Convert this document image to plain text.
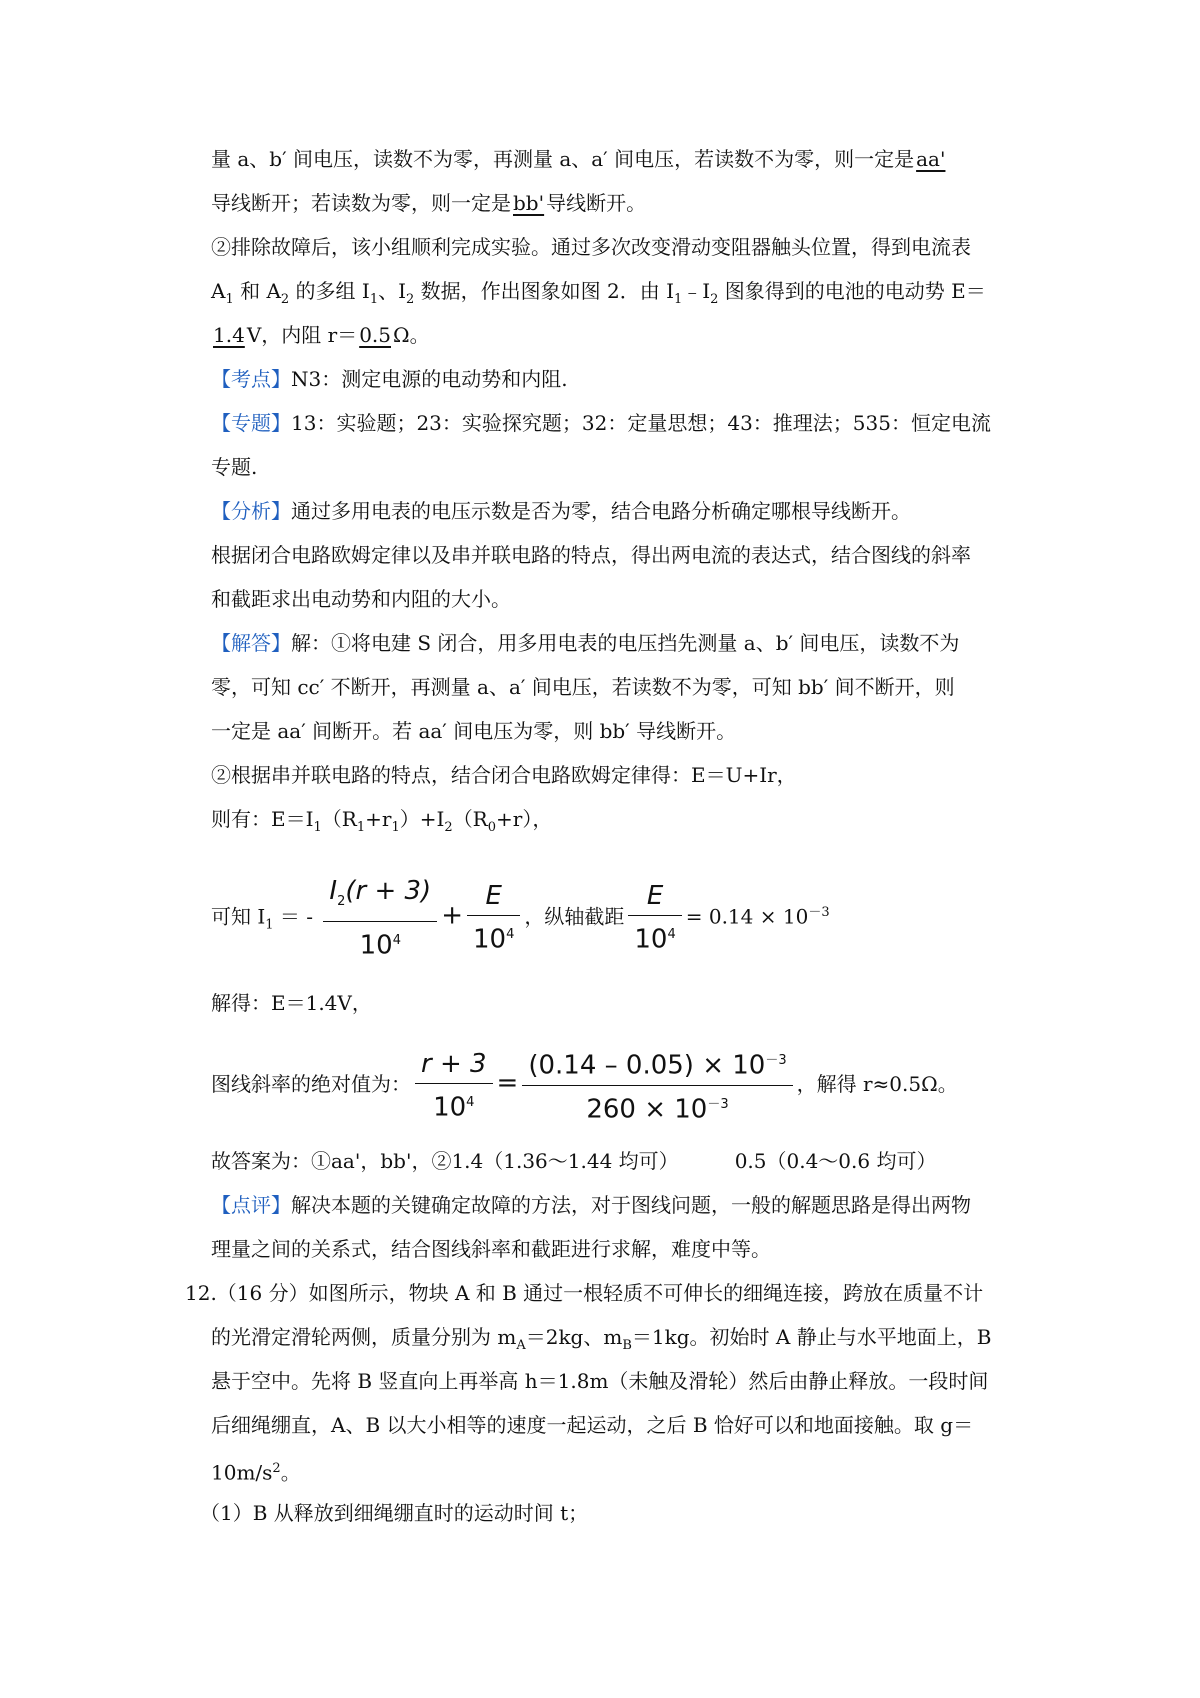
量 a、b′ 间电压，读数不为零，再测量 a、a′ 间电压，若读数不为零，则一定是 aa'
导线断开；若读数为零，则一定是 bb' 导线断开。
②排除故障后，该小组顺利完成实验。通过多次改变滑动变阻器触头位置，得到电流表
$A_1$ 和 $A_2$ 的多组 $I_1$、$I_2$ 数据，作出图象如图 2．由 $I_1﹣I_2$ 图象得到的电池的电动势 E＝
1.4 V，内阻 r＝ 0.5 Ω。
【考点】N3：测定电源的电动势和内阻.
【专题】13：实验题；23：实验探究题；32：定量思想；43：推理法；535：恒定电流
专题.
【分析】通过多用电表的电压示数是否为零，结合电路分析确定哪根导线断开。
根据闭合电路欧姆定律以及串并联电路的特点，得出两电流的表达式，结合图线的斜率
和截距求出电动势和内阻的大小。
【解答】解：①将电建 S 闭合，用多用电表的电压挡先测量 a、b′ 间电压，读数不为
零，可知 cc′ 不断开，再测量 a、a′ 间电压，若读数不为零，可知 bb′ 间不断开，则
一定是 aa′ 间断开。若 aa′ 间电压为零，则 bb′ 导线断开。
②根据串并联电路的特点，结合闭合电路欧姆定律得：E＝U+Ir，
则有：$E=I_1(R_1+r_1)+I_2(R_0+r)$，
可知 $I_1$ ＝ - $\frac{I_2(r + 3)}{10^4} + \frac{E}{10^4}$ ，纵轴截距 $\frac{E}{10^4} = 0.14 \times 10^{-3}$
解得：E＝1.4V，
图线斜率的绝对值为： $\frac{r + 3}{10^4} = \frac{(0.14 - 0.05) \times 10^{-3}}{260 \times 10^{-3}}$ ，解得 r≈0.5Ω。
故答案为：①aa'，bb'，②1.4（1.36～1.44 均可）	0.5（0.4～0.6 均可）
【点评】解决本题的关键确定故障的方法，对于图线问题，一般的解题思路是得出两物
理量之间的关系式，结合图线斜率和截距进行求解，难度中等。
12.（16 分）如图所示，物块 A 和 B 通过一根轻质不可伸长的细绳连接，跨放在质量不计
的光滑定滑轮两侧，质量分别为 $m_A=2kg$、$m_B=1kg$。初始时 A 静止与水平地面上，B
悬于空中。先将 B 竖直向上再举高 h＝1.8m（未触及滑轮）然后由静止释放。一段时间
后细绳绷直，A、B 以大小相等的速度一起运动，之后 B 恰好可以和地面接触。取 g＝
$10m/s^2$。
（1）B 从释放到细绳绷直时的运动时间 t；
